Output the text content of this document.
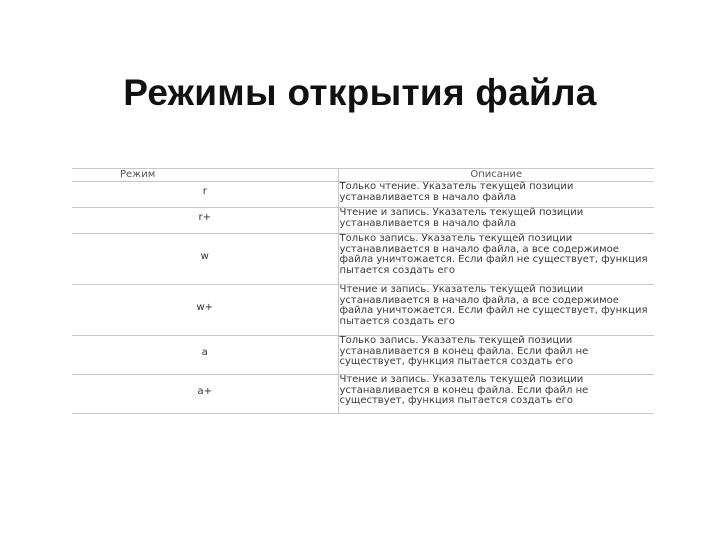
Режимы открытия файла
Режим	Описание

r	Только чтение. Указатель текущей позиции устанавливается в начало файла

r+	Чтение и запись. Указатель текущей позиции устанавливается в начало файла

w	Только запись. Указатель текущей позиции устанавливается в начало файла, а все содержимое файла уничтожается. Если файл не существует, функция пытается создать его

w+	Чтение и запись. Указатель текущей позиции устанавливается в начало файла, а все содержимое файла уничтожается. Если файл не существует, функция пытается создать его

a	Только запись. Указатель текущей позиции устанавливается в конец файла. Если файл не существует, функция пытается создать его

a+	Чтение и запись. Указатель текущей позиции устанавливается в конец файла. Если файл не существует, функция пытается создать его
